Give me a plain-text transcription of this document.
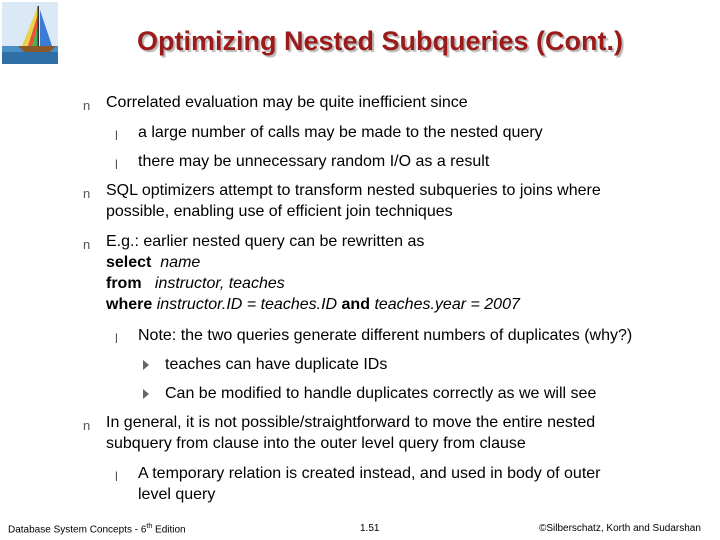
Optimizing Nested Subqueries (Cont.)
n Correlated evaluation may be quite inefficient since
l a large number of calls may be made to the nested query
l there may be unnecessary random I/O as a result
n SQL optimizers attempt to transform nested subqueries to joins where
possible, enabling use of efficient join techniques
n E.g.: earlier nested query can be rewritten as
select name
from instructor, teaches
where instructor.ID = teaches.ID and teaches.year = 2007
l Note: the two queries generate different numbers of duplicates (why?)
teaches can have duplicate IDs
Can be modified to handle duplicates correctly as we will see
n In general, it is not possible/straightforward to move the entire nested
subquery from clause into the outer level query from clause
l A temporary relation is created instead, and used in body of outer
level query
Database System Concepts - 6th Edition	1.51	©Silberschatz, Korth and Sudarshan
